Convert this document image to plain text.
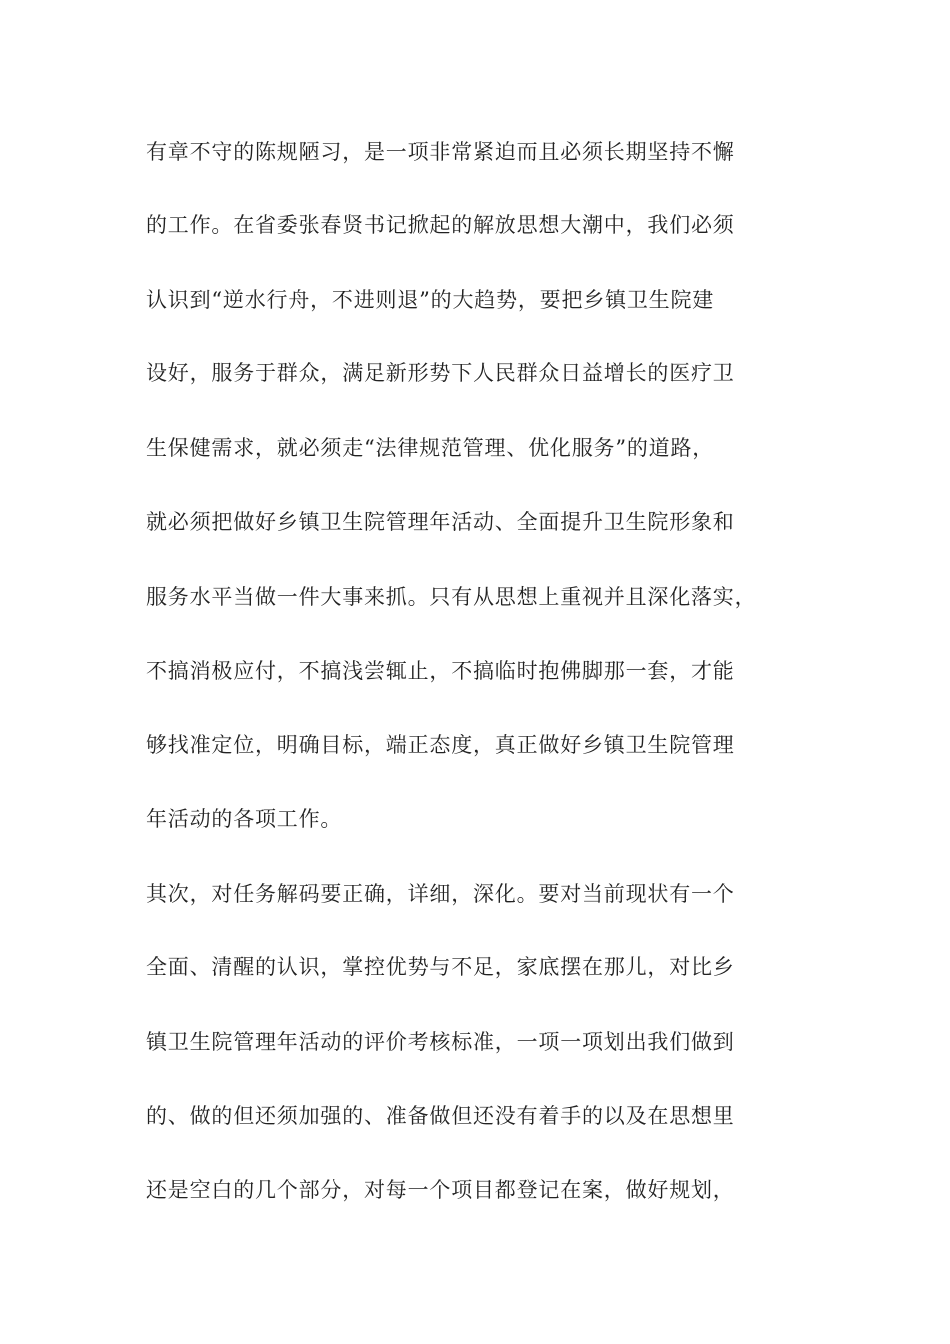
有章不守的陈规陋习，是一项非常紧迫而且必须长期坚持不懈
的工作。在省委张春贤书记掀起的解放思想大潮中，我们必须
认识到“逆水行舟，不进则退”的大趋势，要把乡镇卫生院建
设好，服务于群众，满足新形势下人民群众日益增长的医疗卫
生保健需求，就必须走“法律规范管理、优化服务”的道路，
就必须把做好乡镇卫生院管理年活动、全面提升卫生院形象和
服务水平当做一件大事来抓。只有从思想上重视并且深化落实，
不搞消极应付，不搞浅尝辄止，不搞临时抱佛脚那一套，才能
够找准定位，明确目标，端正态度，真正做好乡镇卫生院管理
年活动的各项工作。
其次，对任务解码要正确，详细，深化。要对当前现状有一个
全面、清醒的认识，掌控优势与不足，家底摆在那儿，对比乡
镇卫生院管理年活动的评价考核标准，一项一项划出我们做到
的、做的但还须加强的、准备做但还没有着手的以及在思想里
还是空白的几个部分，对每一个项目都登记在案，做好规划，
